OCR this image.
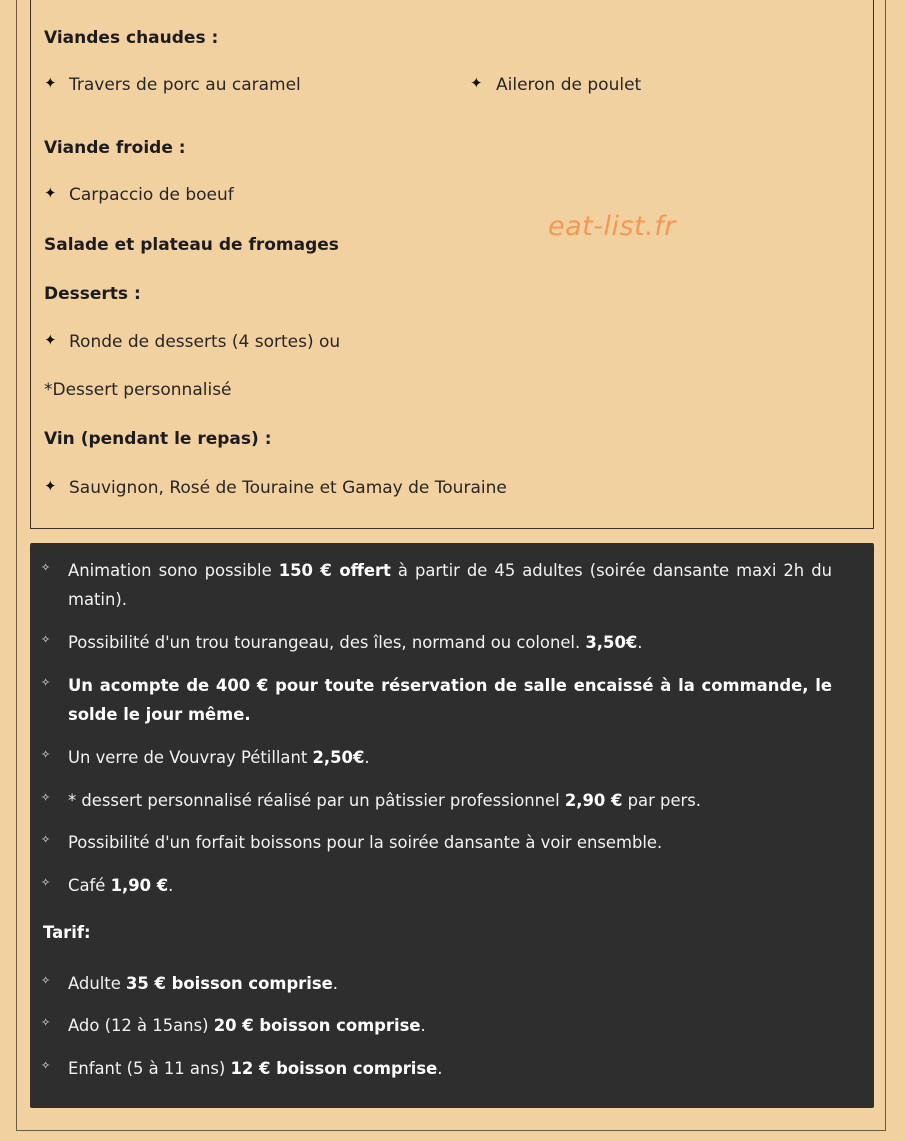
Viandes chaudes :
✦ Travers de porc au caramel	✦ Aileron de poulet
Viande froide :
✦ Carpaccio de boeuf
eat-list.fr
Salade et plateau de fromages
Desserts :
✦ Ronde de desserts (4 sortes) ou
*Dessert personnalisé
Vin (pendant le repas) :
✦ Sauvignon, Rosé de Touraine et Gamay de Touraine
✧ Animation sono possible 150 € offert à partir de 45 adultes (soirée dansante maxi 2h du matin).
✧ Possibilité d'un trou tourangeau, des îles, normand ou colonel. 3,50€.
✧ Un acompte de 400 € pour toute réservation de salle encaissé à la commande, le solde le jour même.
✧ Un verre de Vouvray Pétillant 2,50€.
✧ * dessert personnalisé réalisé par un pâtissier professionnel 2,90 € par pers.
✧ Possibilité d'un forfait boissons pour la soirée dansante à voir ensemble.
✧ Café 1,90 €.
Tarif:
✧ Adulte 35 € boisson comprise.
✧ Ado (12 à 15ans) 20 € boisson comprise.
✧ Enfant (5 à 11 ans) 12 € boisson comprise.
